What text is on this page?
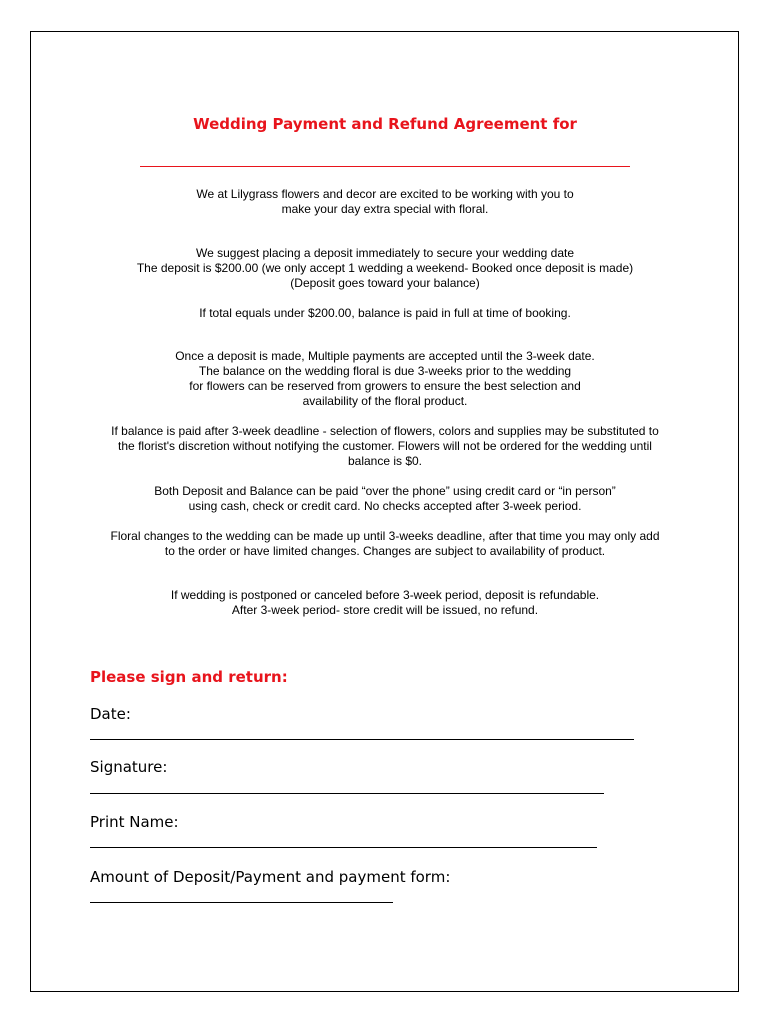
Wedding Payment and Refund Agreement for
We at Lilygrass flowers and decor are excited to be working with you to
make your day extra special with floral.
We suggest placing a deposit immediately to secure your wedding date
The deposit is $200.00 (we only accept 1 wedding a weekend- Booked once deposit is made)
(Deposit goes toward your balance)
If total equals under $200.00, balance is paid in full at time of booking.
Once a deposit is made, Multiple payments are accepted until the 3-week date.
The balance on the wedding floral is due 3-weeks prior to the wedding
for flowers can be reserved from growers to ensure the best selection and
availability of the floral product.
If balance is paid after 3-week deadline - selection of flowers, colors and supplies may be substituted to
the florist's discretion without notifying the customer. Flowers will not be ordered for the wedding until
balance is $0.
Both Deposit and Balance can be paid “over the phone” using credit card or “in person”
using cash, check or credit card. No checks accepted after 3-week period.
Floral changes to the wedding can be made up until 3-weeks deadline, after that time you may only add
to the order or have limited changes. Changes are subject to availability of product.
If wedding is postponed or canceled before 3-week period, deposit is refundable.
After 3-week period- store credit will be issued, no refund.
Please sign and return:
Date:
Signature:
Print Name:
Amount of Deposit/Payment and payment form:
